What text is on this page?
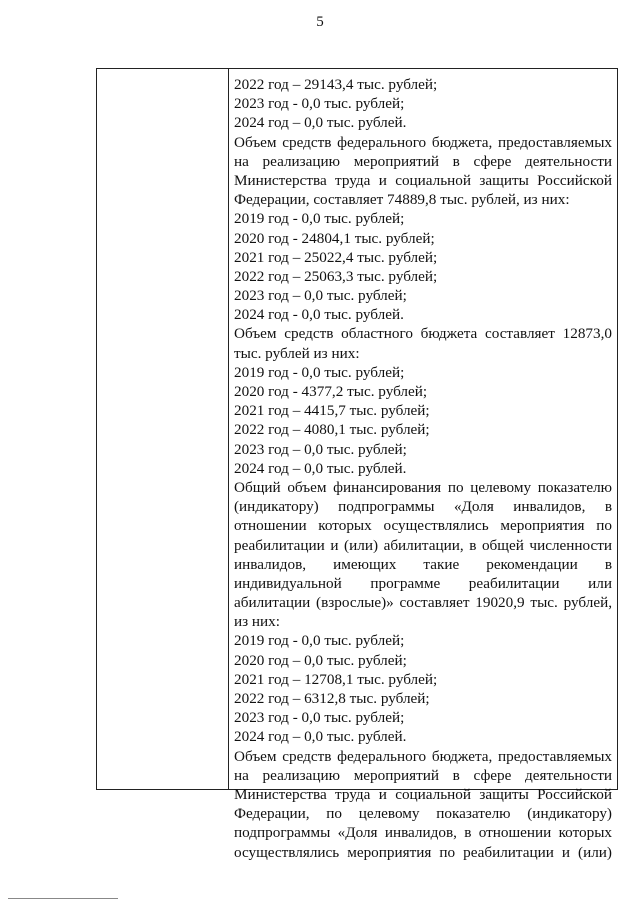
5
2022 год – 29143,4 тыс. рублей;
2023 год - 0,0 тыс. рублей;
2024 год – 0,0 тыс. рублей.
Объем средств федерального бюджета, предоставляемых
на реализацию мероприятий в сфере деятельности
Министерства труда и социальной защиты Российской
Федерации, составляет 74889,8 тыс. рублей, из них:
2019 год - 0,0 тыс. рублей;
2020 год - 24804,1 тыс. рублей;
2021 год – 25022,4 тыс. рублей;
2022 год – 25063,3 тыс. рублей;
2023 год – 0,0 тыс. рублей;
2024 год - 0,0 тыс. рублей.
Объем средств областного бюджета составляет 12873,0
тыс. рублей из них:
2019 год - 0,0 тыс. рублей;
2020 год - 4377,2 тыс. рублей;
2021 год – 4415,7 тыс. рублей;
2022 год – 4080,1 тыс. рублей;
2023 год – 0,0 тыс. рублей;
2024 год – 0,0 тыс. рублей.
Общий объем финансирования по целевому показателю
(индикатору) подпрограммы «Доля инвалидов, в
отношении которых осуществлялись мероприятия по
реабилитации и (или) абилитации, в общей численности
инвалидов, имеющих такие рекомендации в
индивидуальной программе реабилитации или
абилитации (взрослые)» составляет 19020,9 тыс. рублей,
из них:
2019 год - 0,0 тыс. рублей;
2020 год – 0,0 тыс. рублей;
2021 год – 12708,1 тыс. рублей;
2022 год – 6312,8 тыс. рублей;
2023 год - 0,0 тыс. рублей;
2024 год – 0,0 тыс. рублей.
Объем средств федерального бюджета, предоставляемых
на реализацию мероприятий в сфере деятельности
Министерства труда и социальной защиты Российской
Федерации, по целевому показателю (индикатору)
подпрограммы «Доля инвалидов, в отношении которых
осуществлялись мероприятия по реабилитации и (или)
